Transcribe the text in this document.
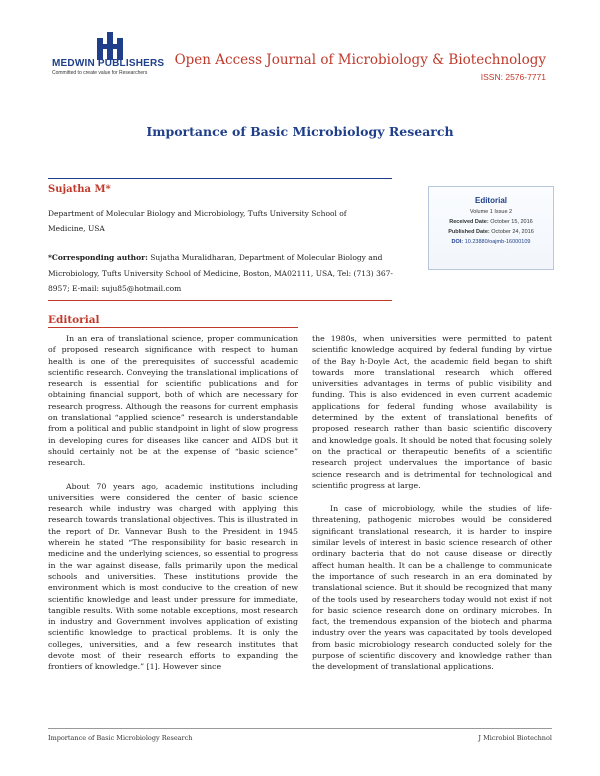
MEDWIN PUBLISHERS
Committed to create value for Researchers
Open Access Journal of Microbiology & Biotechnology
ISSN: 2576-7771
Importance of Basic Microbiology Research
Sujatha M*
Department of Molecular Biology and Microbiology, Tufts University School of Medicine, USA
*Corresponding author: Sujatha Muralidharan, Department of Molecular Biology and Microbiology, Tufts University School of Medicine, Boston, MA02111, USA, Tel: (713) 367-8957; E-mail: suju85@hotmail.com
Editorial
Volume 1 Issue 2
Received Date: October 15, 2016
Published Date: October 24, 2016
DOI: 10.23880/oajmb-16000109
Editorial

In an era of translational science, proper communication of proposed research significance with respect to human health is one of the prerequisites of successful academic scientific research. Conveying the translational implications of research is essential for scientific publications and for obtaining financial support, both of which are necessary for research progress. Although the reasons for current emphasis on translational “applied science” research is understandable from a political and public standpoint in light of slow progress in developing cures for diseases like cancer and AIDS but it should certainly not be at the expense of “basic science” research.

About 70 years ago, academic institutions including universities were considered the center of basic science research while industry was charged with applying this research towards translational objectives. This is illustrated in the report of Dr. Vannevar Bush to the President in 1945 wherein he stated “The responsibility for basic research in medicine and the underlying sciences, so essential to progress in the war against disease, falls primarily upon the medical schools and universities. These institutions provide the environment which is most conducive to the creation of new scientific knowledge and least under pressure for immediate, tangible results. With some notable exceptions, most research in industry and Government involves application of existing scientific knowledge to practical problems. It is only the colleges, universities, and a few research institutes that devote most of their research efforts to expanding the frontiers of knowledge.” [1]. However since

the 1980s, when universities were permitted to patent scientific knowledge acquired by federal funding by virtue of the Bay h-Doyle Act, the academic field began to shift towards more translational research which offered universities advantages in terms of public visibility and funding. This is also evidenced in even current academic applications for federal funding whose availability is determined by the extent of translational benefits of proposed research rather than basic scientific discovery and knowledge goals. It should be noted that focusing solely on the practical or therapeutic benefits of a scientific research project undervalues the importance of basic science research and is detrimental for technological and scientific progress at large.

In case of microbiology, while the studies of life-threatening, pathogenic microbes would be considered significant translational research, it is harder to inspire similar levels of interest in basic science research of other ordinary bacteria that do not cause disease or directly affect human health. It can be a challenge to communicate the importance of such research in an era dominated by translational science. But it should be recognized that many of the tools used by researchers today would not exist if not for basic science research done on ordinary microbes. In fact, the tremendous expansion of the biotech and pharma industry over the years was capacitated by tools developed from basic microbiology research conducted solely for the purpose of scientific discovery and knowledge rather than the development of translational applications.

Importance of Basic Microbiology Research	J Microbiol Biotechnol
